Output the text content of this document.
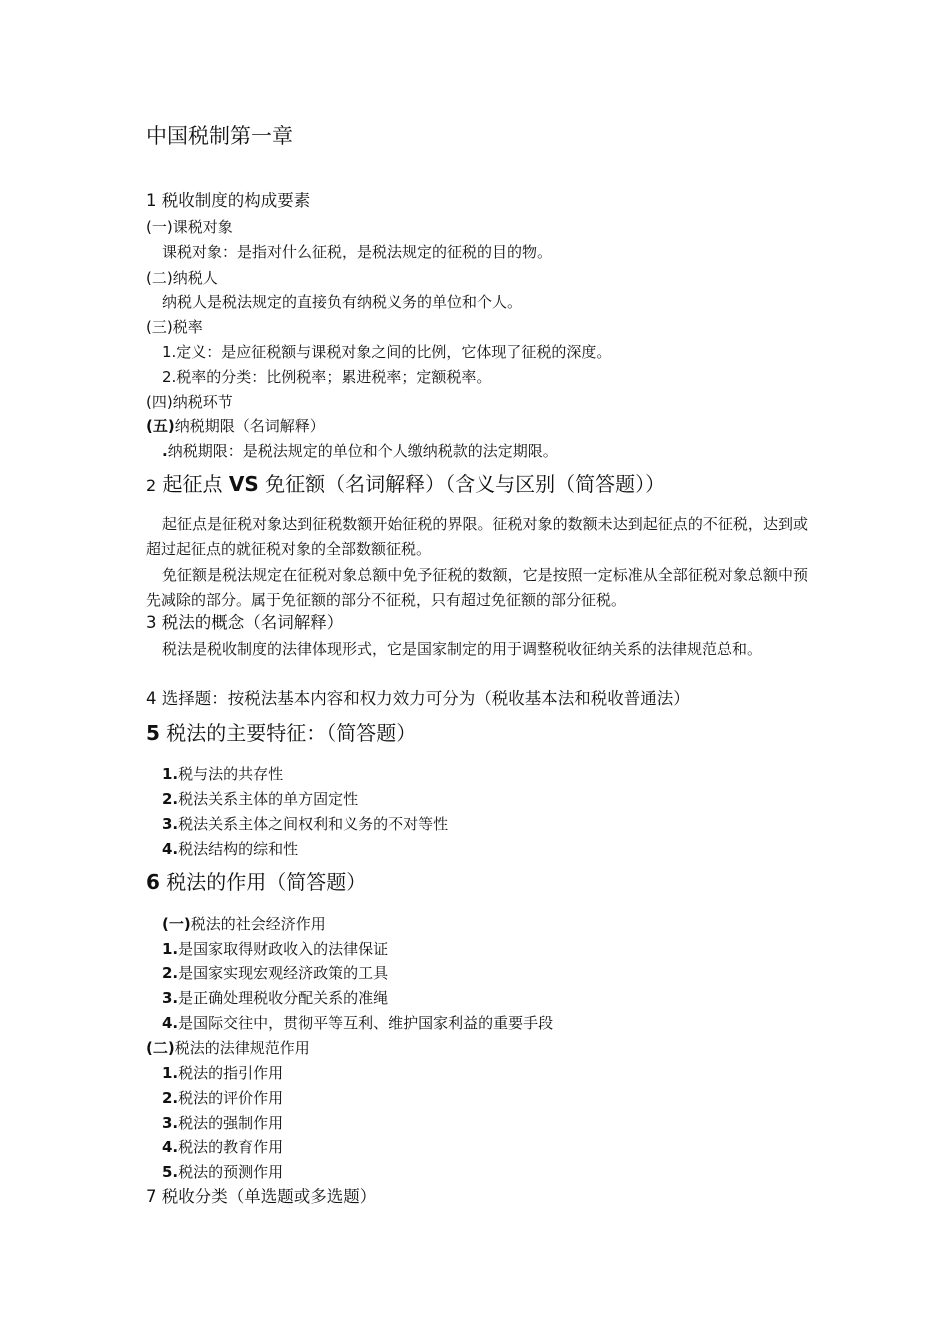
中国税制第一章
1 税收制度的构成要素
(一)课税对象
课税对象：是指对什么征税，是税法规定的征税的目的物。
(二)纳税人
纳税人是税法规定的直接负有纳税义务的单位和个人。
(三)税率
1.定义：是应征税额与课税对象之间的比例，它体现了征税的深度。
2.税率的分类：比例税率；累进税率；定额税率。
(四)纳税环节
(五)纳税期限（名词解释）
.纳税期限：是税法规定的单位和个人缴纳税款的法定期限。
2 起征点 VS 免征额（名词解释）（含义与区别（简答题））

起征点是征税对象达到征税数额开始征税的界限。征税对象的数额未达到起征点的不征税，达到或超过起征点的就征税对象的全部数额征税。

免征额是税法规定在征税对象总额中免予征税的数额，它是按照一定标准从全部征税对象总额中预先减除的部分。属于免征额的部分不征税，只有超过免征额的部分征税。

3 税法的概念（名词解释）

税法是税收制度的法律体现形式，它是国家制定的用于调整税收征纳关系的法律规范总和。

4 选择题：按税法基本内容和权力效力可分为（税收基本法和税收普通法）
5 税法的主要特征：（简答题）
1.税与法的共存性
2.税法关系主体的单方固定性
3.税法关系主体之间权利和义务的不对等性
4.税法结构的综和性
6 税法的作用（简答题）
(一)税法的社会经济作用
1.是国家取得财政收入的法律保证
2.是国家实现宏观经济政策的工具
3.是正确处理税收分配关系的准绳
4.是国际交往中，贯彻平等互利、维护国家利益的重要手段
(二)税法的法律规范作用
1.税法的指引作用
2.税法的评价作用
3.税法的强制作用
4.税法的教育作用
5.税法的预测作用
7 税收分类（单选题或多选题）
